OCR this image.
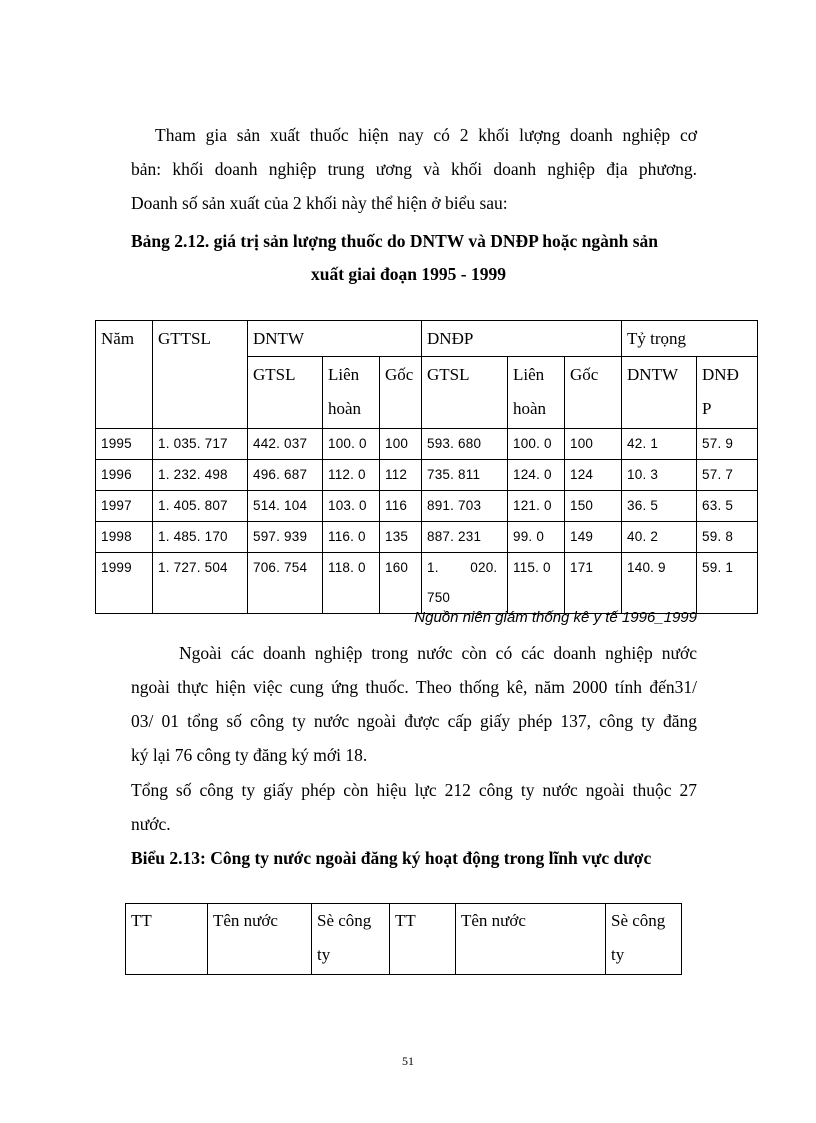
Tham gia sản xuất thuốc hiện nay có 2 khối lượng doanh nghiệp cơ
bản: khối doanh nghiệp trung ương và khối doanh nghiệp địa phương.
Doanh số sản xuất của 2 khối này thể hiện ở biểu sau:

Bảng 2.12. giá trị sản lượng thuốc do DNTW và DNĐP hoặc ngành sản

xuất giai đoạn 1995 - 1999

Năm	GTTSL	DNTW			DNĐP			Tỷ trọng	
		GTSL	Liên hoàn	Gốc	GTSL	Liên hoàn	Gốc	DNTW	DNĐ P
1995	1. 035. 717	442. 037	100. 0	100	593. 680	100. 0	100	42. 1	57. 9
1996	1. 232. 498	496. 687	112. 0	112	735. 811	124. 0	124	10. 3	57. 7
1997	1. 405. 807	514. 104	103. 0	116	891. 703	121. 0	150	36. 5	63. 5
1998	1. 485. 170	597. 939	116. 0	135	887. 231	99. 0	149	40. 2	59. 8
1999	1. 727. 504	706. 754	118. 0	160	1.        020. 750	115. 0	171	140. 9	59. 1
Nguồn niên giám thống kê y tế 1996_1999

Ngoài các doanh nghiệp trong nước còn có các doanh nghiệp nước
ngoài thực hiện việc cung ứng thuốc. Theo thống kê, năm 2000 tính đến31/
03/ 01 tổng số công ty nước ngoài được cấp giấy phép 137, công ty đăng
ký lại 76 công ty đăng ký mới 18.

Tổng số công ty giấy phép còn hiệu lực 212 công ty nước ngoài thuộc 27
nước.

Biểu 2.13: Công ty nước ngoài đăng ký hoạt động trong lĩnh vực dược

TT	Tên nước	Sè công ty	TT	Tên nước	Sè công ty
51
